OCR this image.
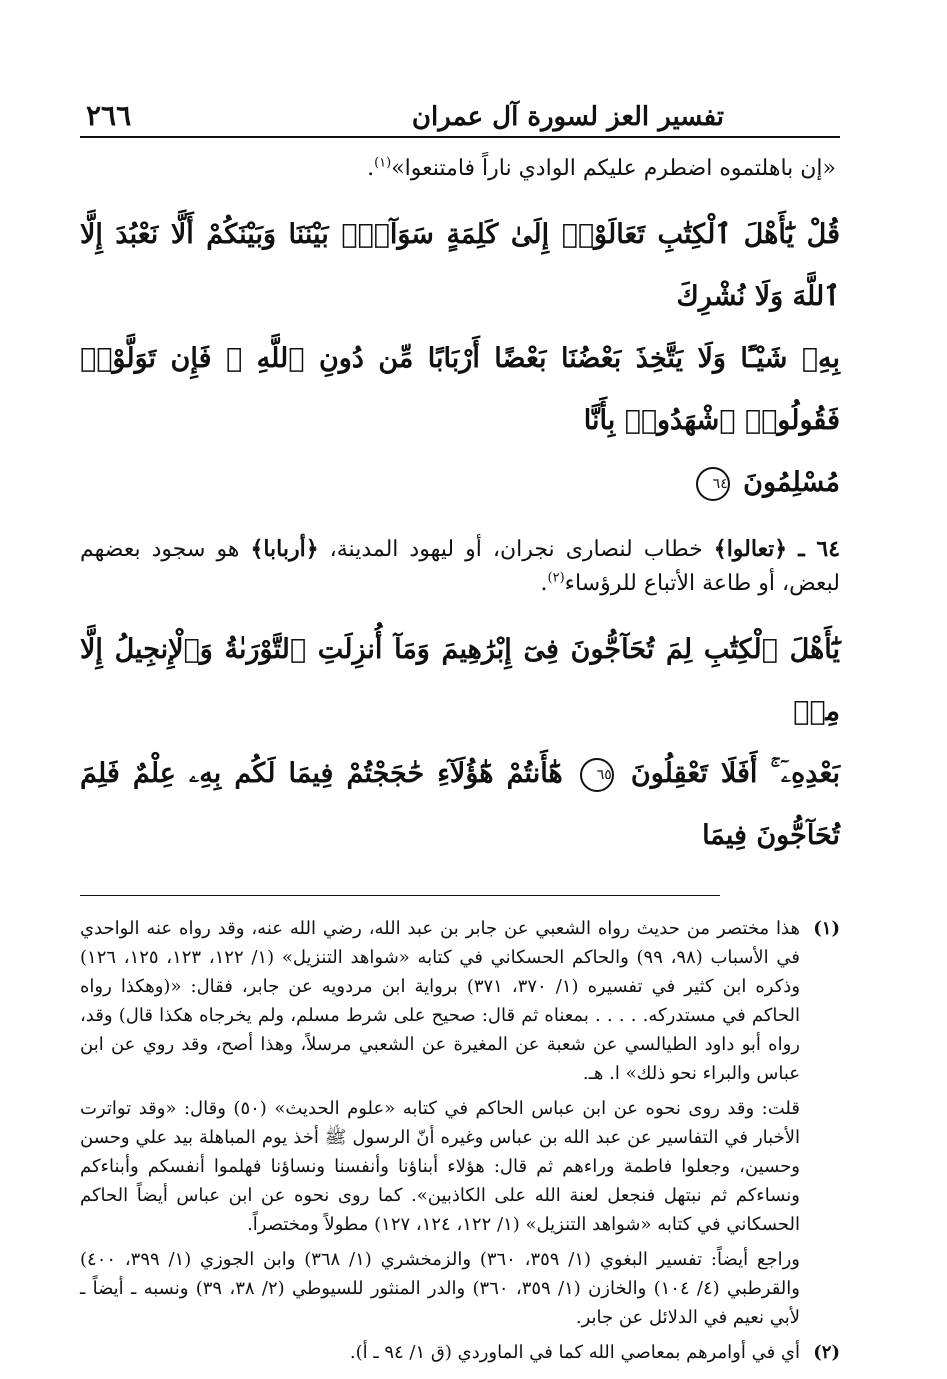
تفسير العز لسورة آل عمران
٢٦٦
«إن باهلتموه اضطرم عليكم الوادي ناراً فامتنعوا»$^{(١)}$.
قُلْ يَٰٓأَهْلَ ٱلْكِتَٰبِ تَعَالَوْا۟ إِلَىٰ كَلِمَةٍ سَوَآءٍۭ بَيْنَنَا وَبَيْنَكُمْ أَلَّا نَعْبُدَ إِلَّا ٱللَّهَ وَلَا نُشْرِكَ
بِهِۦ شَيْـًٔا وَلَا يَتَّخِذَ بَعْضُنَا بَعْضًا أَرْبَابًا مِّن دُونِ ٱللَّهِ ۚ فَإِن تَوَلَّوْا۟ فَقُولُوا۟ ٱشْهَدُوا۟ بِأَنَّا
مُسْلِمُونَ ٦٤
٦٤ ـ ﴿تعالوا﴾ خطاب لنصارى نجران، أو ليهود المدينة، ﴿أربابا﴾ هو سجود بعضهم لبعض، أو طاعة الأتباع للرؤساء$^{(٢)}$.
يَٰٓأَهْلَ ٱلْكِتَٰبِ لِمَ تُحَآجُّونَ فِىٓ إِبْرَٰهِيمَ وَمَآ أُنزِلَتِ ٱلتَّوْرَىٰةُ وَٱلْإِنجِيلُ إِلَّا مِنۢ
بَعْدِهِۦٓ ۚ أَفَلَا تَعْقِلُونَ ٦٥ هَٰٓأَنتُمْ هَٰٓؤُلَآءِ حَٰجَجْتُمْ فِيمَا لَكُم بِهِۦ عِلْمٌ فَلِمَ تُحَآجُّونَ فِيمَا
(١)
هذا مختصر من حديث رواه الشعبي عن جابر بن عبد الله، رضي الله عنه، وقد رواه عنه الواحدي في الأسباب (٩٨، ٩٩) والحاكم الحسكاني في كتابه «شواهد التنزيل» (١/ ١٢٢، ١٢٣، ١٢٥، ١٢٦) وذكره ابن كثير في تفسيره (١/ ٣٧٠، ٣٧١) برواية ابن مردويه عن جابر، فقال: «(وهكذا رواه الحاكم في مستدركه. . . . . بمعناه ثم قال: صحيح على شرط مسلم، ولم يخرجاه هكذا قال) وقد، رواه أبو داود الطيالسي عن شعبة عن المغيرة عن الشعبي مرسلاً، وهذا أصح، وقد روي عن ابن عباس والبراء نحو ذلك» ا. هـ.
قلت: وقد روى نحوه عن ابن عباس الحاكم في كتابه «علوم الحديث» (٥٠) وقال: «وقد تواترت الأخبار في التفاسير عن عبد الله بن عباس وغيره أنّ الرسول ﷺ أخذ يوم المباهلة بيد علي وحسن وحسين، وجعلوا فاطمة وراءهم ثم قال: هؤلاء أبناؤنا وأنفسنا ونساؤنا فهلموا أنفسكم وأبناءكم ونساءكم ثم نبتهل فنجعل لعنة الله على الكاذبين». كما روى نحوه عن ابن عباس أيضاً الحاكم الحسكاني في كتابه «شواهد التنزيل» (١/ ١٢٢، ١٢٤، ١٢٧) مطولاً ومختصراً.
وراجع أيضاً: تفسير البغوي (١/ ٣٥٩، ٣٦٠) والزمخشري (١/ ٣٦٨) وابن الجوزي (١/ ٣٩٩، ٤٠٠) والقرطبي (٤/ ١٠٤) والخازن (١/ ٣٥٩، ٣٦٠) والدر المنثور للسيوطي (٢/ ٣٨، ٣٩) ونسبه ـ أيضاً ـ لأبي نعيم في الدلائل عن جابر.
(٢)
أي في أوامرهم بمعاصي الله كما في الماوردي (ق ١/ ٩٤ ـ أ).
